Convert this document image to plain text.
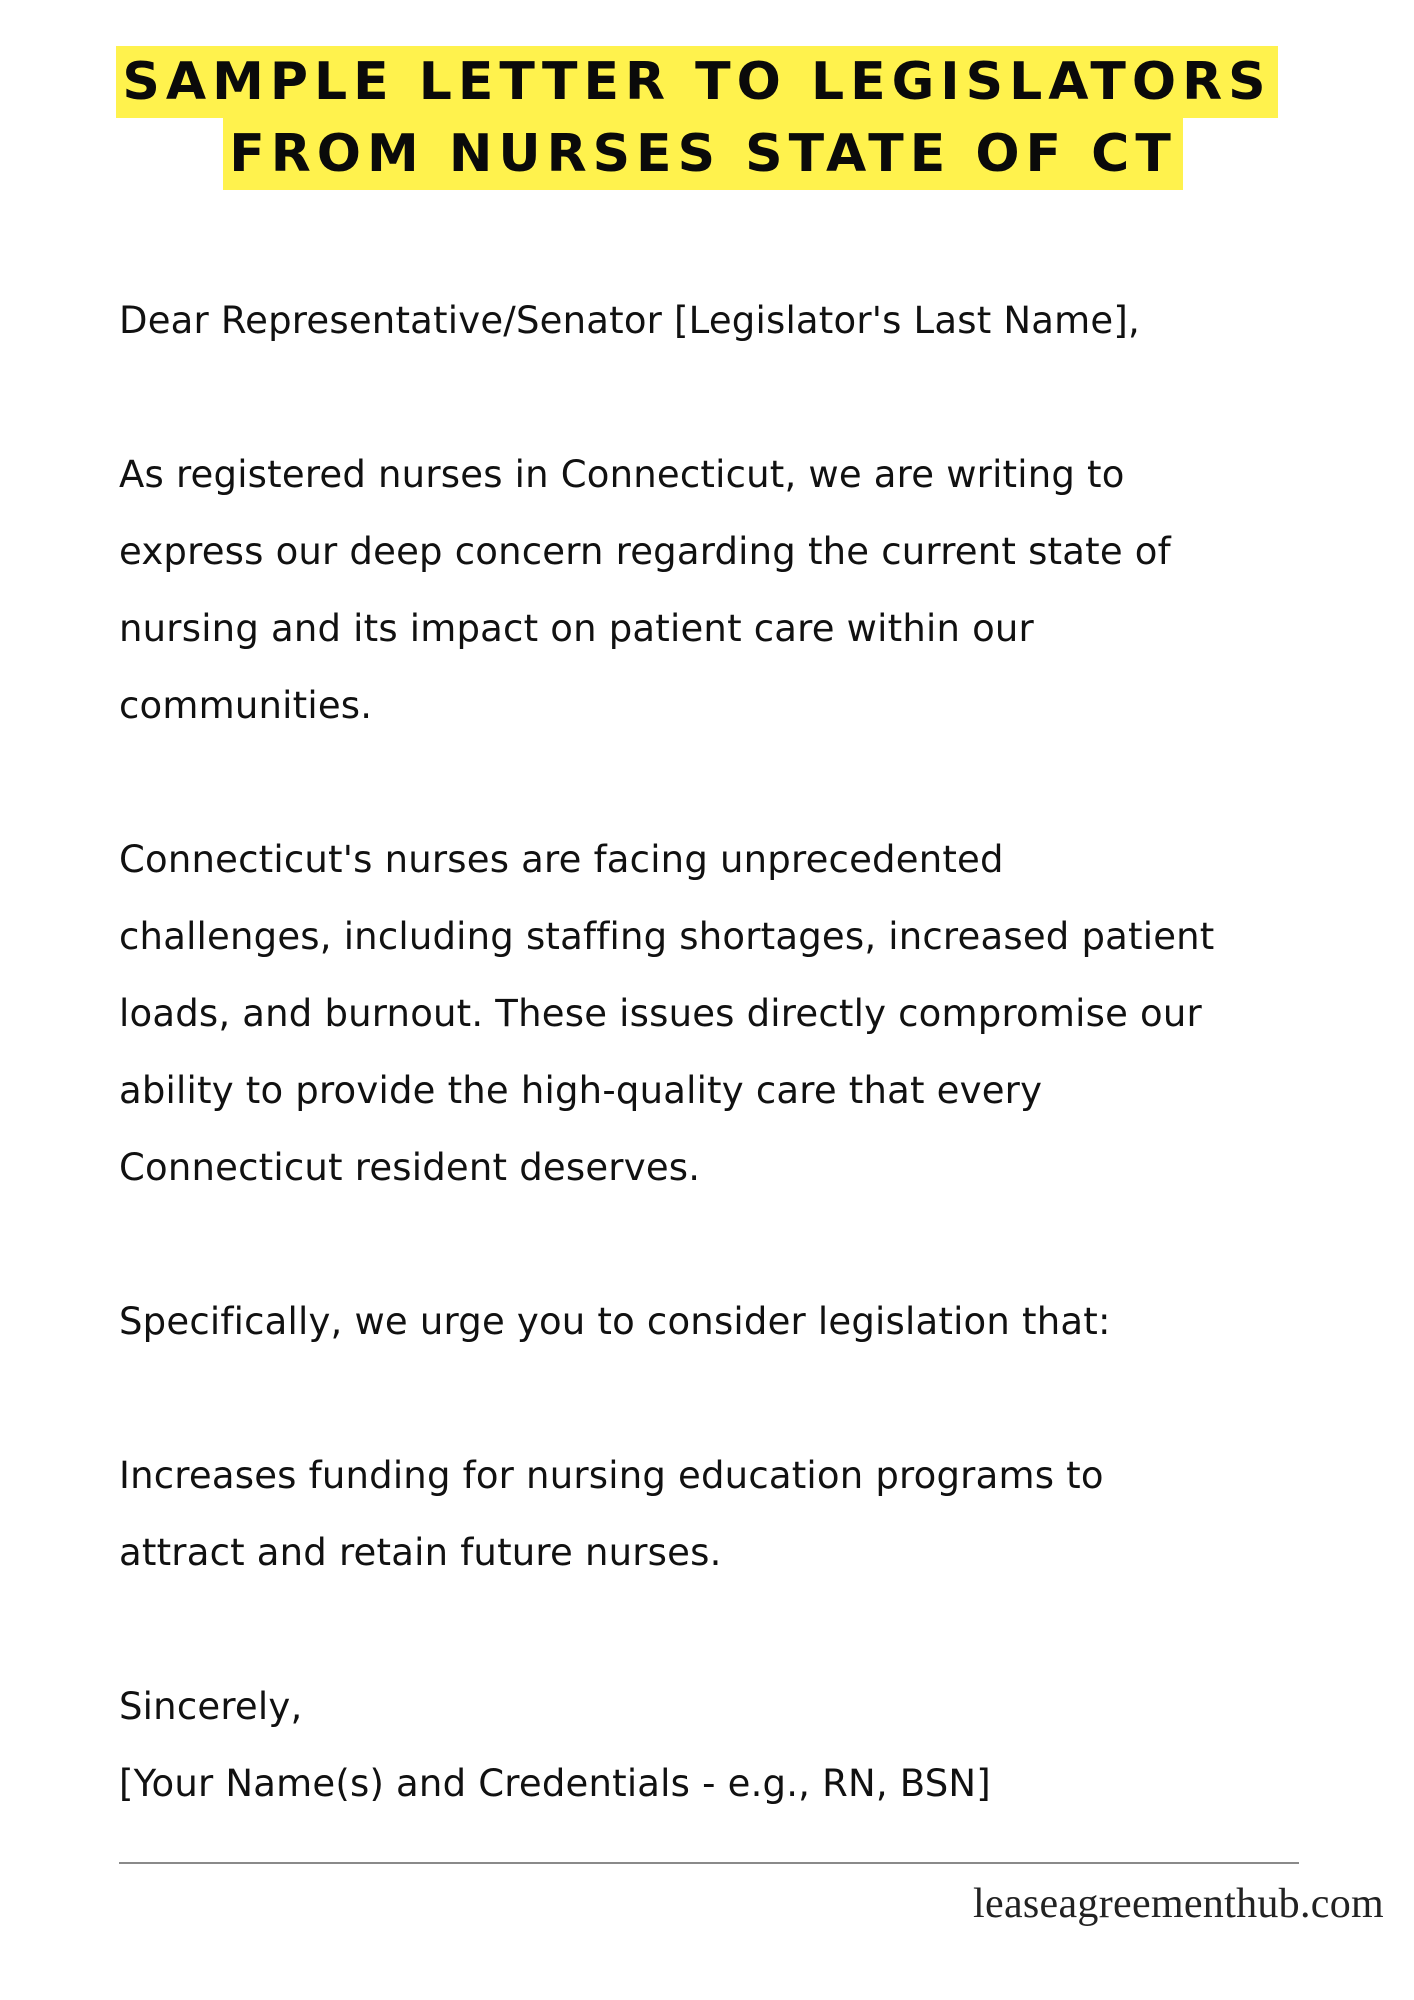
SAMPLE LETTER TO LEGISLATORS
FROM NURSES STATE OF CT

Dear Representative/Senator [Legislator's Last Name],

As registered nurses in Connecticut, we are writing to
express our deep concern regarding the current state of
nursing and its impact on patient care within our
communities.

Connecticut's nurses are facing unprecedented
challenges, including staffing shortages, increased patient
loads, and burnout. These issues directly compromise our
ability to provide the high-quality care that every
Connecticut resident deserves.

Specifically, we urge you to consider legislation that:

Increases funding for nursing education programs to
attract and retain future nurses.

Sincerely,
[Your Name(s) and Credentials - e.g., RN, BSN]

leaseagreementhub.com
